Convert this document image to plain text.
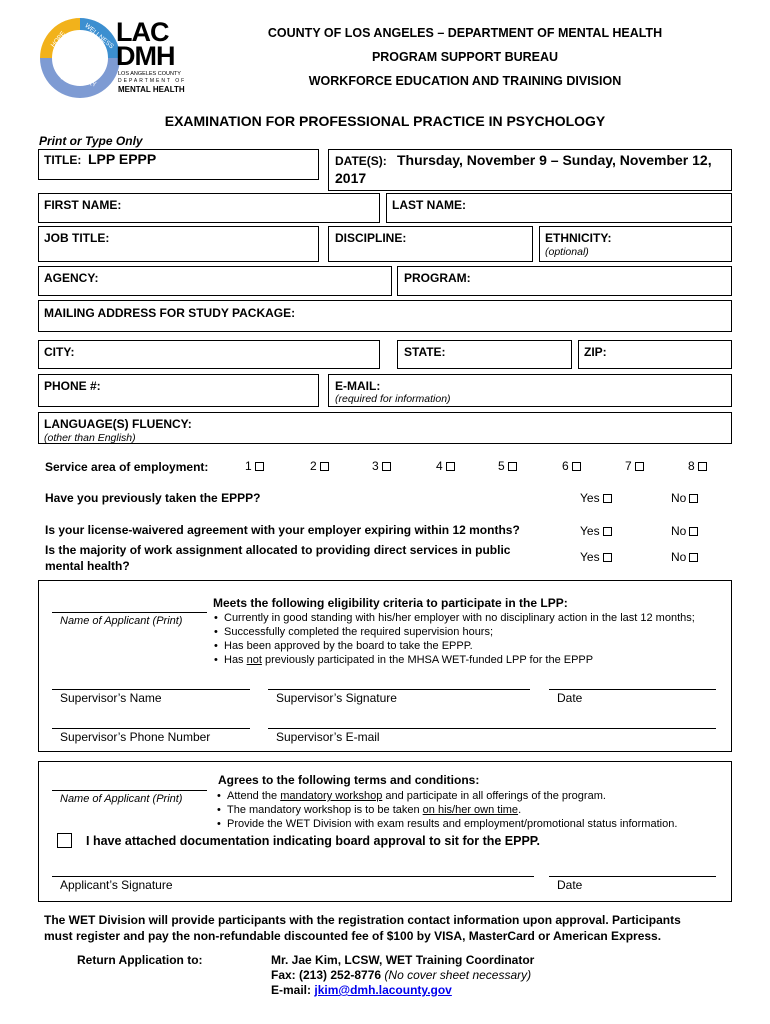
HOPE	WELLNESS
RECOVERY
LAC
DMH
LOS ANGELES COUNTY
DEPARTMENT OF
MENTAL HEALTH
COUNTY OF LOS ANGELES – DEPARTMENT OF MENTAL HEALTH
PROGRAM SUPPORT BUREAU
WORKFORCE EDUCATION AND TRAINING DIVISION
EXAMINATION FOR PROFESSIONAL PRACTICE IN PSYCHOLOGY
Print or Type Only
TITLE: LPP EPPP	DATE(S): Thursday, November 9 – Sunday, November 12,
2017
FIRST NAME:	LAST NAME:
JOB TITLE:	DISCIPLINE:	ETHNICITY:
(optional)
AGENCY:	PROGRAM:
MAILING ADDRESS FOR STUDY PACKAGE:
CITY:	STATE:	ZIP:
PHONE #:	E-MAIL:
(required for information)
LANGUAGE(S) FLUENCY:
(other than English)
Service area of employment:	1	2	3	4	5	6	7	8
Have you previously taken the EPPP?	Yes	No
Is your license-waivered agreement with your employer expiring within 12 months?	Yes	No
Is the majority of work assignment allocated to providing direct services in public
mental health?
Yes	No
Meets the following eligibility criteria to participate in the LPP:
Name of Applicant (Print)	• Currently in good standing with his/her employer with no disciplinary action in the last 12 months;
• Successfully completed the required supervision hours;
• Has been approved by the board to take the EPPP.
• Has not previously participated in the MHSA WET-funded LPP for the EPPP
Supervisor’s Name	Supervisor’s Signature	Date
Supervisor’s Phone Number	Supervisor’s E-mail
Agrees to the following terms and conditions:
Name of Applicant (Print)	• Attend the mandatory workshop and participate in all offerings of the program.
• The mandatory workshop is to be taken on his/her own time.
• Provide the WET Division with exam results and employment/promotional status information.
I have attached documentation indicating board approval to sit for the EPPP.
Applicant’s Signature	Date
The WET Division will provide participants with the registration contact information upon approval. Participants
must register and pay the non-refundable discounted fee of $100 by VISA, MasterCard or American Express.
Return Application to:	Mr. Jae Kim, LCSW, WET Training Coordinator
Fax: (213) 252-8776 (No cover sheet necessary)
E-mail: jkim@dmh.lacounty.gov
